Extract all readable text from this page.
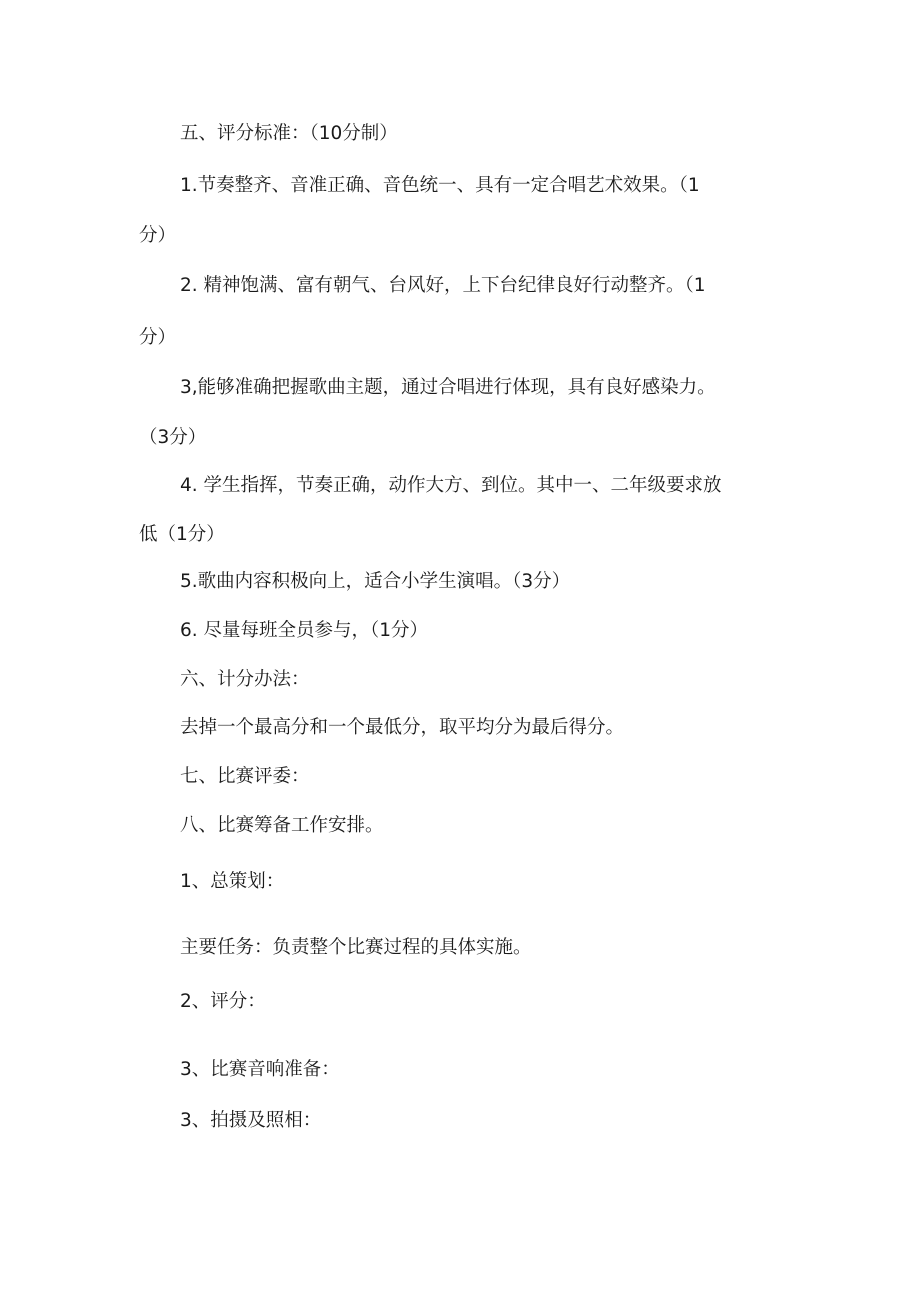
五、评分标准：（10分制）
1.节奏整齐、音准正确、音色统一、具有一定合唱艺术效果。（1
分）
2. 精神饱满、富有朝气、台风好，上下台纪律良好行动整齐。（1
分）
3,能够准确把握歌曲主题，通过合唱进行体现，具有良好感染力。
（3分）
4. 学生指挥，节奏正确，动作大方、到位。其中一、二年级要求放
低（1分）
5.歌曲内容积极向上，适合小学生演唱。（3分）
6. 尽量每班全员参与，（1分）
六、计分办法：
去掉一个最高分和一个最低分，取平均分为最后得分。
七、比赛评委：
八、比赛筹备工作安排。
1、总策划：
主要任务：负责整个比赛过程的具体实施。
2、评分：
3、比赛音响准备：
3、拍摄及照相：
